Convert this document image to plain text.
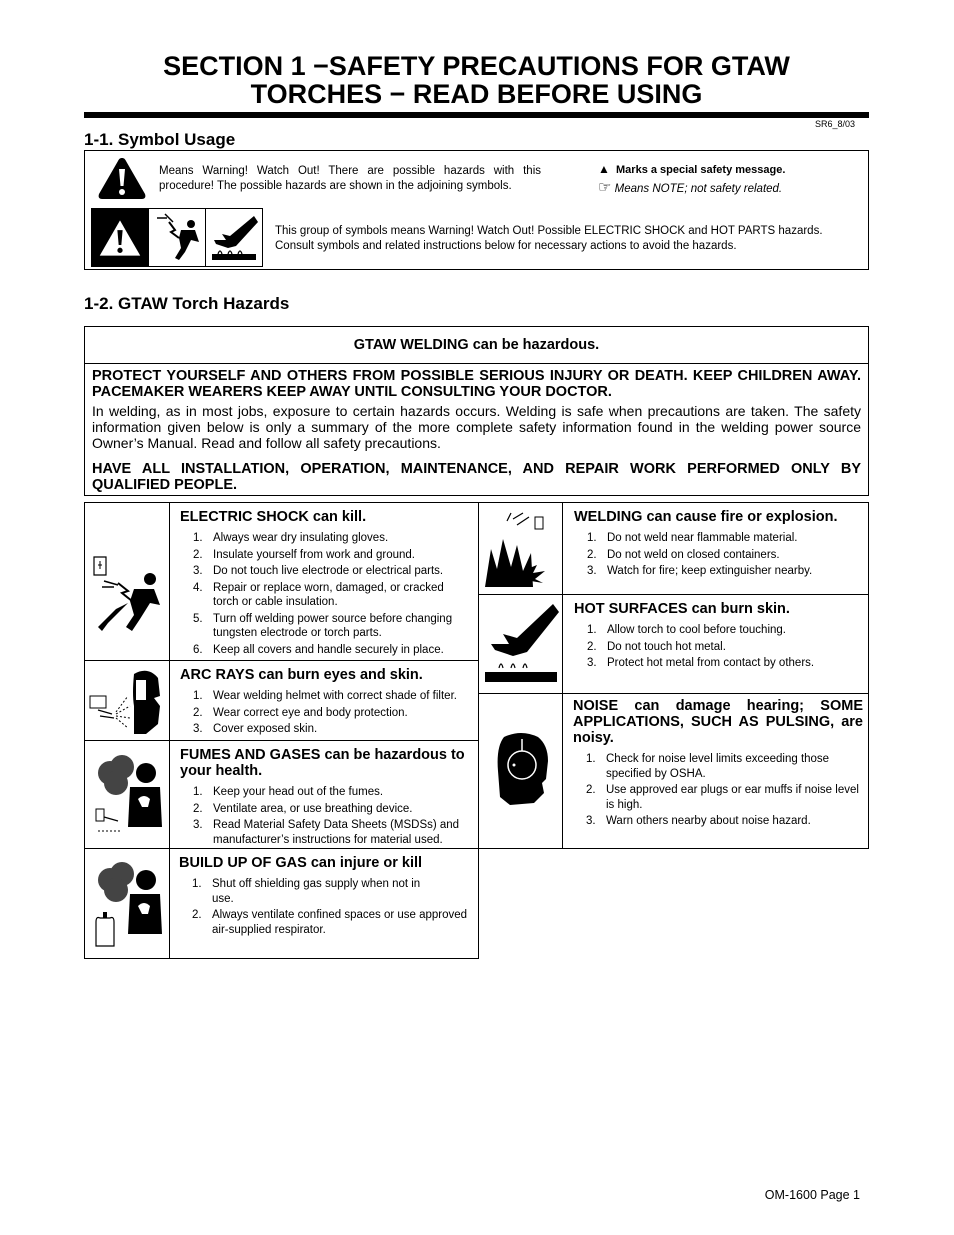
SECTION 1 −SAFETY PRECAUTIONS FOR GTAW
TORCHES − READ BEFORE USING
SR6_8/03
1-1. Symbol Usage
Means Warning! Watch Out! There are possible hazards with this procedure! The possible hazards are shown in the adjoining symbols.
▲ Marks a special safety message.
☞ Means NOTE; not safety related.
This group of symbols means Warning! Watch Out! Possible ELECTRIC SHOCK and HOT PARTS hazards. Consult symbols and related instructions below for necessary actions to avoid the hazards.
1-2. GTAW Torch Hazards
GTAW WELDING can be hazardous.
PROTECT YOURSELF AND OTHERS FROM POSSIBLE SERIOUS INJURY OR DEATH. KEEP CHILDREN AWAY. PACEMAKER WEARERS KEEP AWAY UNTIL CONSULTING YOUR DOCTOR.
In welding, as in most jobs, exposure to certain hazards occurs. Welding is safe when precautions are taken. The safety information given below is only a summary of the more complete safety information found in the welding power source Owner’s Manual. Read and follow all safety precautions.
HAVE ALL INSTALLATION, OPERATION, MAINTENANCE, AND REPAIR WORK PERFORMED ONLY BY QUALIFIED PEOPLE.
ELECTRIC SHOCK can kill.
1. Always wear dry insulating gloves.
2. Insulate yourself from work and ground.
3. Do not touch live electrode or electrical parts.
4. Repair or replace worn, damaged, or cracked torch or cable insulation.
5. Turn off welding power source before changing tungsten electrode or torch parts.
6. Keep all covers and handle securely in place.
ARC RAYS can burn eyes and skin.
1. Wear welding helmet with correct shade of filter.
2. Wear correct eye and body protection.
3. Cover exposed skin.
FUMES AND GASES can be hazardous to your health.
1. Keep your head out of the fumes.
2. Ventilate area, or use breathing device.
3. Read Material Safety Data Sheets (MSDSs) and manufacturer’s instructions for material used.
BUILD UP OF GAS can injure or kill
1. Shut off shielding gas supply when not in use.
2. Always ventilate confined spaces or use approved air-supplied respirator.
WELDING can cause fire or explosion.
1. Do not weld near flammable material.
2. Do not weld on closed containers.
3. Watch for fire; keep extinguisher nearby.
HOT SURFACES can burn skin.
1. Allow torch to cool before touching.
2. Do not touch hot metal.
3. Protect hot metal from contact by others.
NOISE can damage hearing; SOME APPLICATIONS, SUCH AS PULSING, are noisy.
1. Check for noise level limits exceeding those specified by OSHA.
2. Use approved ear plugs or ear muffs if noise level is high.
3. Warn others nearby about noise hazard.
OM-1600 Page 1
